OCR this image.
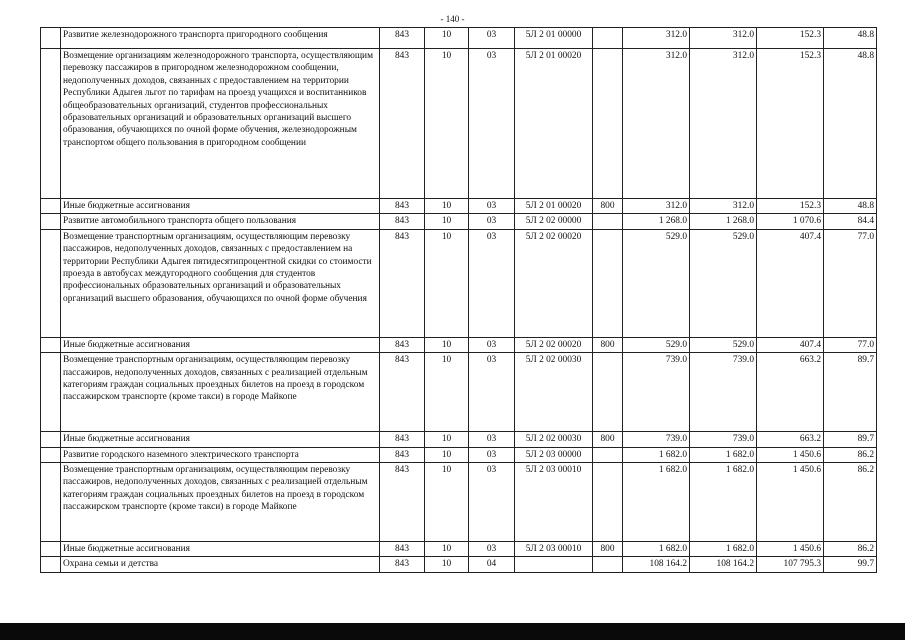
- 140 -
	Развитие железнодорожного транспорта пригородного сообщения	843	10	03	5Л 2 01 00000		312.0	312.0	152.3	48.8
	Возмещение организациям железнодорожного транспорта, осуществляющим перевозку пассажиров в пригородном железнодорожном сообщении, недополученных доходов, связанных с предоставлением на территории Республики Адыгея льгот по тарифам на проезд учащихся и воспитанников общеобразовательных организаций, студентов профессиональных образовательных организаций и образовательных организаций высшего образования, обучающихся по очной форме обучения, железнодорожным транспортом общего пользования в пригородном сообщении	843	10	03	5Л 2 01 00020		312.0	312.0	152.3	48.8
	Иные бюджетные ассигнования	843	10	03	5Л 2 01 00020	800	312.0	312.0	152.3	48.8
	Развитие автомобильного транспорта общего пользования	843	10	03	5Л 2 02 00000		1 268.0	1 268.0	1 070.6	84.4
	Возмещение транспортным организациям, осуществляющим перевозку пассажиров, недополученных доходов, связанных с предоставлением на территории Республики Адыгея пятидесятипроцентной скидки со стоимости проезда в автобусах междугородного сообщения для студентов профессиональных образовательных организаций и образовательных организаций высшего образования, обучающихся по очной форме обучения	843	10	03	5Л 2 02 00020		529.0	529.0	407.4	77.0
	Иные бюджетные ассигнования	843	10	03	5Л 2 02 00020	800	529.0	529.0	407.4	77.0
	Возмещение транспортным организациям, осуществляющим перевозку пассажиров, недополученных доходов, связанных с реализацией отдельным категориям граждан социальных проездных билетов на проезд в городском пассажирском транспорте (кроме такси) в городе Майкопе	843	10	03	5Л 2 02 00030		739.0	739.0	663.2	89.7
	Иные бюджетные ассигнования	843	10	03	5Л 2 02 00030	800	739.0	739.0	663.2	89.7
	Развитие городского наземного электрического транспорта	843	10	03	5Л 2 03 00000		1 682.0	1 682.0	1 450.6	86.2
	Возмещение транспортным организациям, осуществляющим перевозку пассажиров, недополученных доходов, связанных с реализацией отдельным категориям граждан социальных проездных билетов на проезд в городском пассажирском транспорте (кроме такси) в городе Майкопе	843	10	03	5Л 2 03 00010		1 682.0	1 682.0	1 450.6	86.2
	Иные бюджетные ассигнования	843	10	03	5Л 2 03 00010	800	1 682.0	1 682.0	1 450.6	86.2
	Охрана семьи и детства	843	10	04			108 164.2	108 164.2	107 795.3	99.7
